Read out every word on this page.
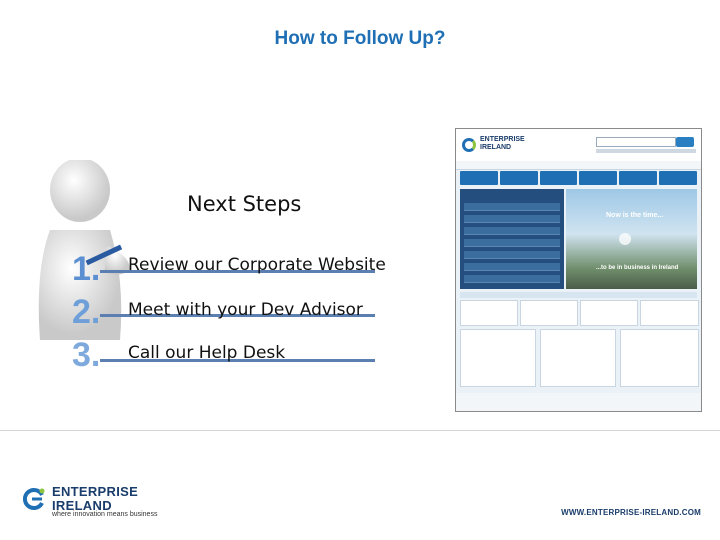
How to Follow Up?
1.
2.
3.
Next Steps
Review our Corporate Website
Meet with your Dev Advisor
Call our Help Desk
ENTERPRISE
IRELAND
Now is the time...
...to be in business in Ireland
ENTERPRISE
IRELAND
where innovation means business	WWW.ENTERPRISE-IRELAND.COM
